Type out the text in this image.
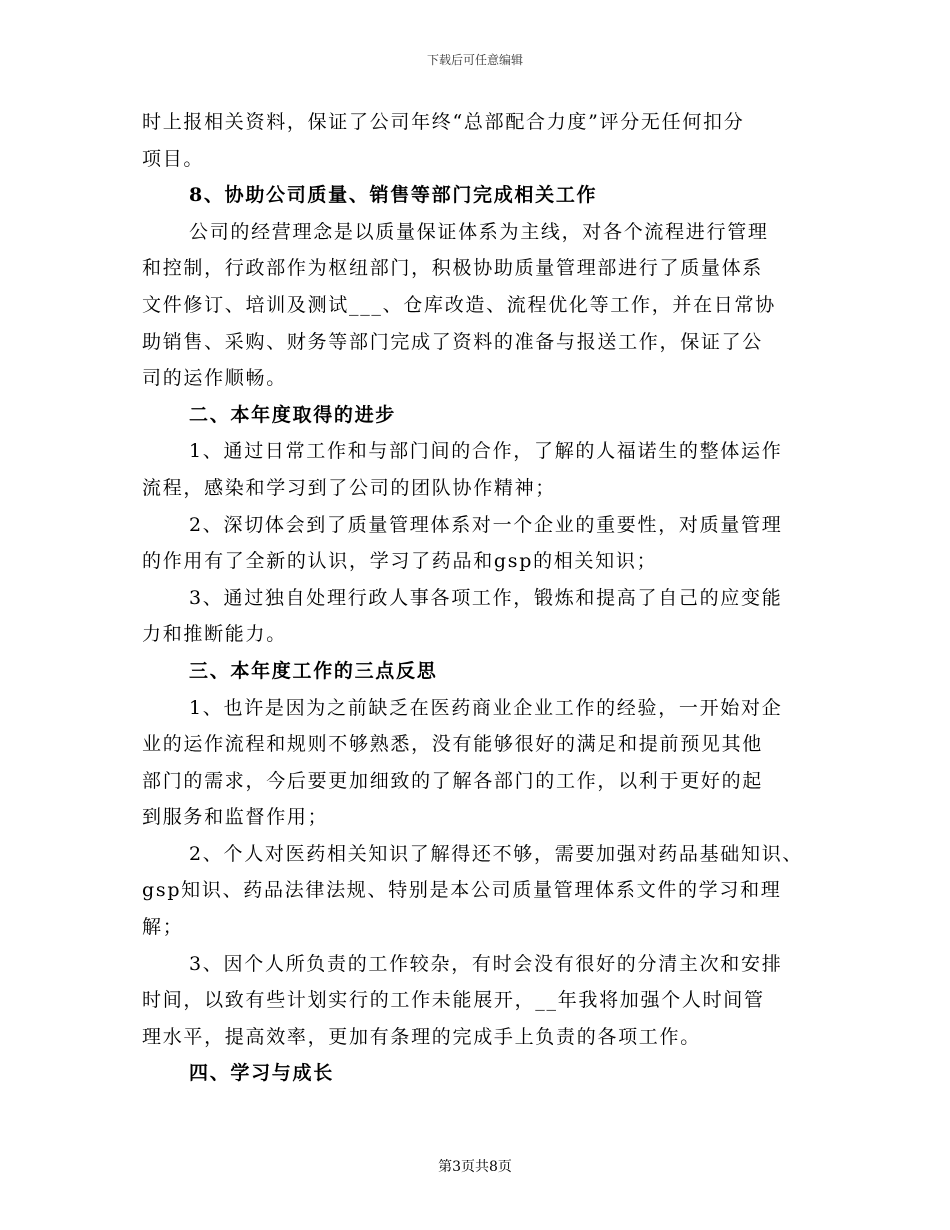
下载后可任意编辑
时上报相关资料，保证了公司年终“总部配合力度”评分无任何扣分
项目。
8、协助公司质量、销售等部门完成相关工作
公司的经营理念是以质量保证体系为主线，对各个流程进行管理
和控制，行政部作为枢纽部门，积极协助质量管理部进行了质量体系
文件修订、培训及测试___、仓库改造、流程优化等工作，并在日常协
助销售、采购、财务等部门完成了资料的准备与报送工作，保证了公
司的运作顺畅。
二、本年度取得的进步
1、通过日常工作和与部门间的合作，了解的人福诺生的整体运作
流程，感染和学习到了公司的团队协作精神；
2、深切体会到了质量管理体系对一个企业的重要性，对质量管理
的作用有了全新的认识，学习了药品和gsp的相关知识；
3、通过独自处理行政人事各项工作，锻炼和提高了自己的应变能
力和推断能力。
三、本年度工作的三点反思
1、也许是因为之前缺乏在医药商业企业工作的经验，一开始对企
业的运作流程和规则不够熟悉，没有能够很好的满足和提前预见其他
部门的需求，今后要更加细致的了解各部门的工作，以利于更好的起
到服务和监督作用；
2、个人对医药相关知识了解得还不够，需要加强对药品基础知识、
gsp知识、药品法律法规、特别是本公司质量管理体系文件的学习和理
解；
3、因个人所负责的工作较杂，有时会没有很好的分清主次和安排
时间，以致有些计划实行的工作未能展开，__年我将加强个人时间管
理水平，提高效率，更加有条理的完成手上负责的各项工作。
四、学习与成长
第3页共8页
